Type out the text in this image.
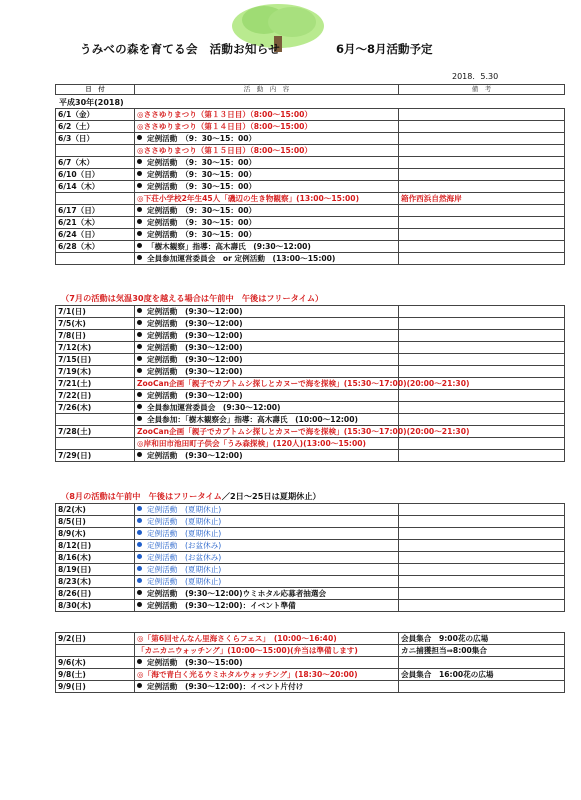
うみべの森を育てる会　活動お知らせ	6月～8月活動予定
2018．5.30
日　付	活　動　内　容	備　考
平成30年(2018)
6/1（金）	◎ささゆりまつり（第１３日目）（8:00～15:00）	
6/2（土）	◎ささゆりまつり（第１４日目）（8:00～15:00）	
6/3（日）	定例活動　（9：30～15：00）	
	◎ささゆりまつり（第１５日目）（8:00～15:00）	
6/7（木）	定例活動　（9：30～15：00）	
6/10（日）	定例活動　（9：30～15：00）	
6/14（木）	定例活動　（9：30～15：00）	
	◎下荘小学校2年生45人「磯辺の生き物観察」(13:00～15:00)	箱作西浜自然海岸
6/17（日）	定例活動　（9：30～15：00）	
6/21（木）	定例活動　（9：30～15：00）	
6/24（日）	定例活動　（9：30～15：00）	
6/28（木）	「樹木観察」指導：高木壽氏　(9:30～12:00)	
	全員参加運営委員会　or 定例活動　(13:00～15:00)	
（7月の活動は気温30度を越える場合は午前中　午後はフリータイム）
7/1(日)	定例活動　(9:30～12:00)	
7/5(木)	定例活動　(9:30～12:00)	
7/8(日)	定例活動　(9:30～12:00)	
7/12(木)	定例活動　(9:30～12:00)	
7/15(日)	定例活動　(9:30～12:00)	
7/19(木)	定例活動　(9:30～12:00)	
7/21(土)	ZooCan企画「親子でカブトムシ探しとカヌーで海を探検」(15:30～17:00)(20:00～21:30)	
7/22(日)	定例活動　(9:30～12:00)	
7/26(木)	全員参加運営委員会　(9:30～12:00)	
	全員参加：「樹木観察会」指導：高木壽氏　(10:00～12:00)	
7/28(土)	ZooCan企画「親子でカブトムシ探しとカヌーで海を探検」(15:30～17:00)(20:00～21:30)	
	◎岸和田市池田町子供会「うみ森探検」(120人)(13:00～15:00)	
7/29(日)	定例活動　(9:30～12:00)	
（8月の活動は午前中　午後はフリータイム／2日～25日は夏期休止）
8/2(木)	定例活動　(夏期休止)	
8/5(日)	定例活動　(夏期休止)	
8/9(木)	定例活動　(夏期休止)	
8/12(日)	定例活動　(お盆休み)	
8/16(木)	定例活動　(お盆休み)	
8/19(日)	定例活動　(夏期休止)	
8/23(木)	定例活動　(夏期休止)	
8/26(日)	定例活動　(9:30～12:00)ウミホタル応募者抽選会	
8/30(木)	定例活動　(9:30～12:00)：イベント準備	
9/2(日)	◎「第6回せんなん里海さくらフェス」　(10:00～16:40)	会員集合　9:00花の広場
	「カニカニウォッチング」(10:00～15:00)(弁当は準備します)	カニ捕獲担当⇒8:00集合
9/6(木)	定例活動　(9:30～15:00)	
9/8(土)	◎「海で青白く光るウミホタルウォッチング」(18:30～20:00)	会員集合　16:00花の広場
9/9(日)	定例活動　(9:30～12:00)：イベント片付け	
